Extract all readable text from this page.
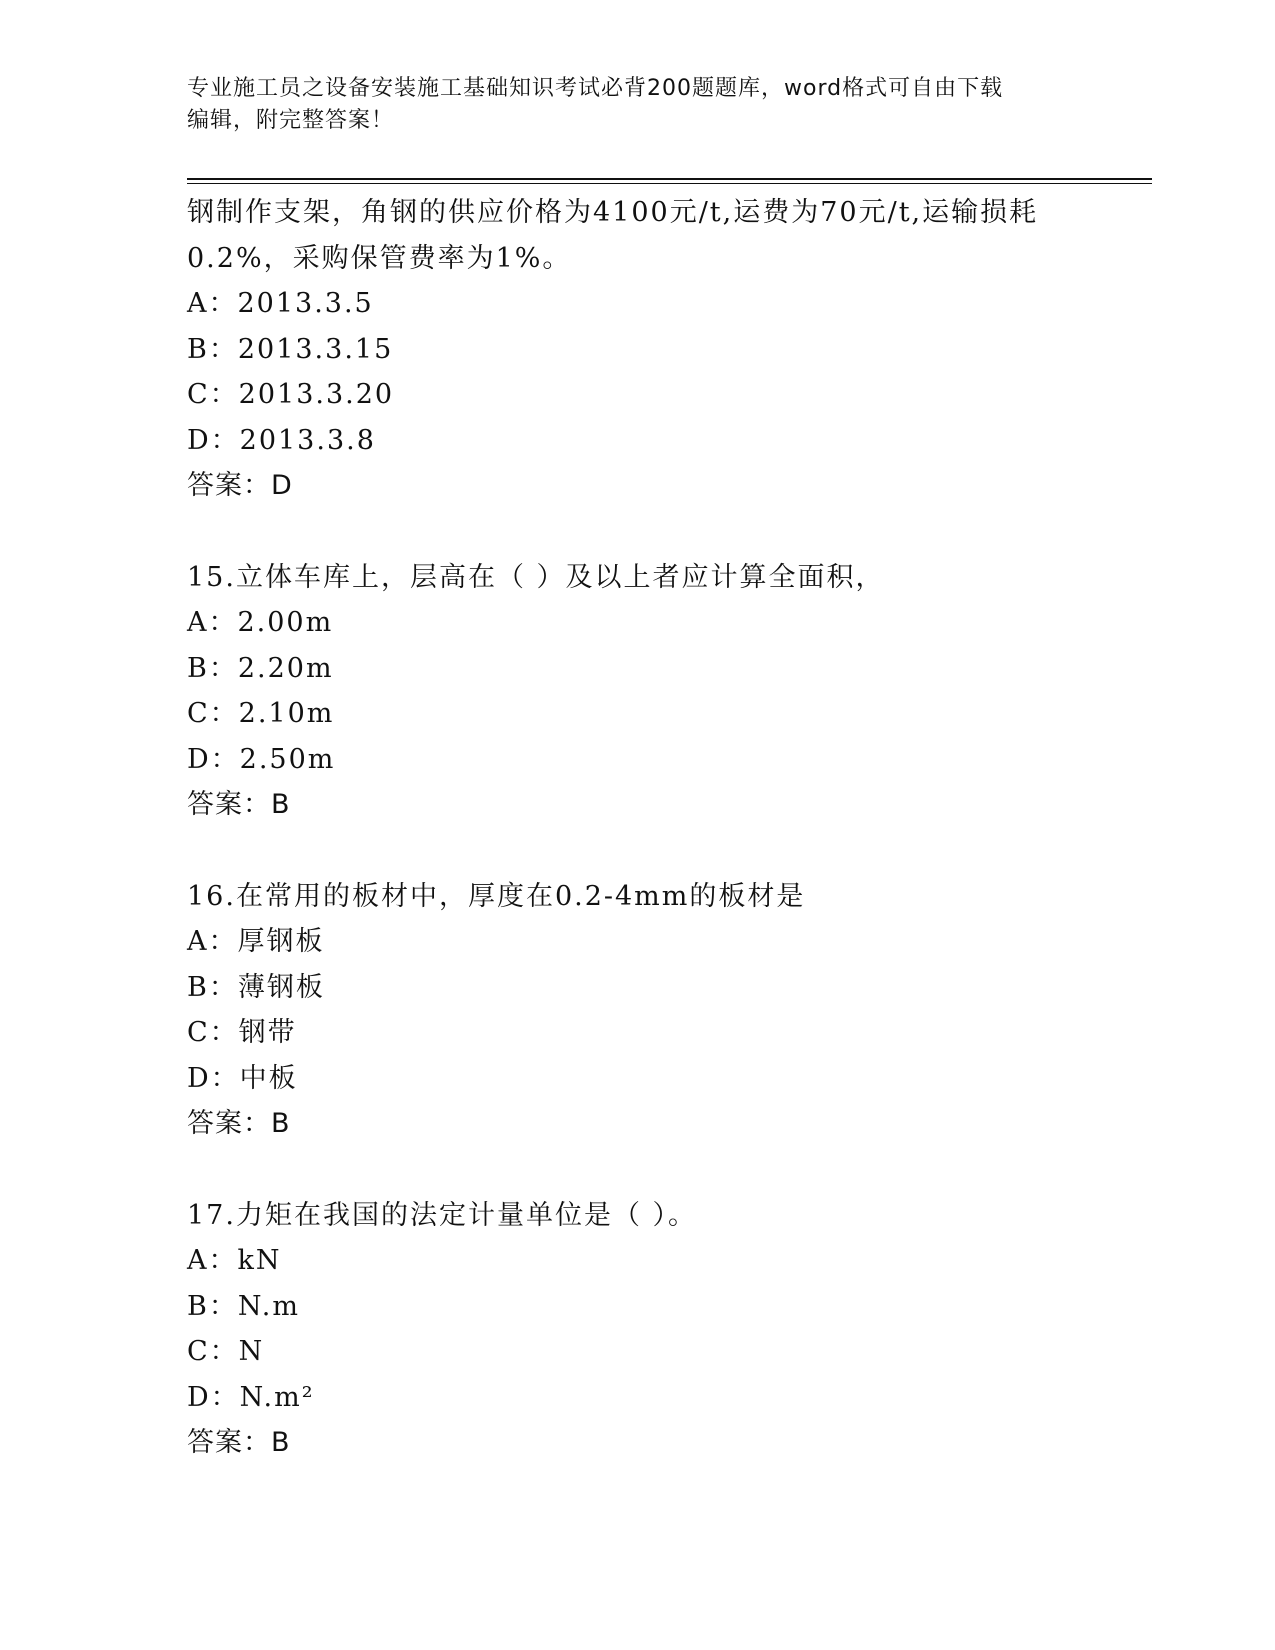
专业施工员之设备安装施工基础知识考试必背200题题库，word格式可自由下载
编辑，附完整答案！
钢制作支架，角钢的供应价格为4100元/t,运费为70元/t,运输损耗
0.2%，采购保管费率为1%。
A：2013.3.5
B：2013.3.15
C：2013.3.20
D：2013.3.8
答案：D
15.立体车库上，层高在（ ）及以上者应计算全面积，
A：2.00m
B：2.20m
C：2.10m
D：2.50m
答案：B
16.在常用的板材中，厚度在0.2-4mm的板材是
A：厚钢板
B：薄钢板
C：钢带
D：中板
答案：B
17.力矩在我国的法定计量单位是（ ）。
A：kN
B：N.m
C：N
D：N.m²
答案：B
